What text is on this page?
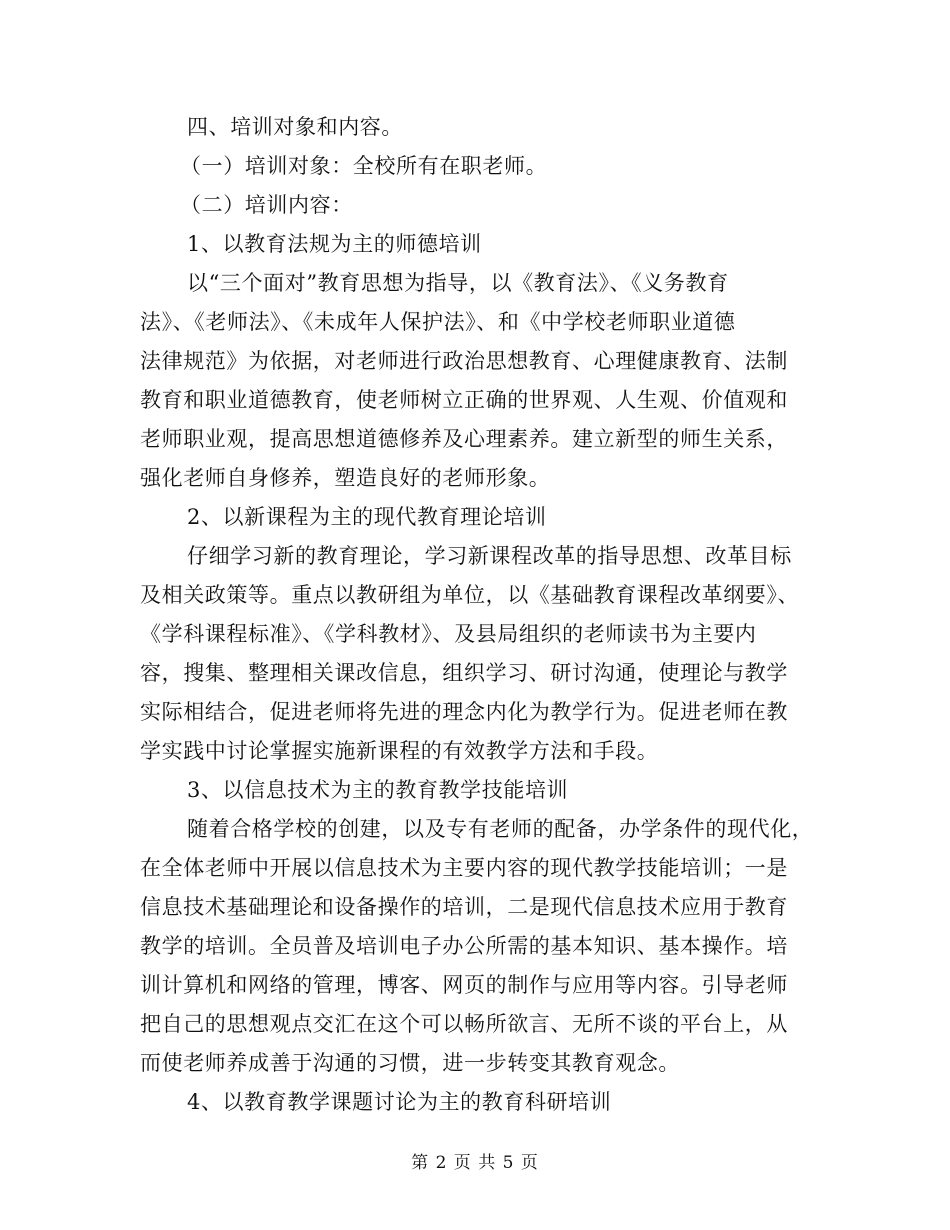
四、培训对象和内容。
（一）培训对象：全校所有在职老师。
（二）培训内容：
1、以教育法规为主的师德培训
以“三个面对”教育思想为指导，以《教育法》、《义务教育
法》、《老师法》、《未成年人保护法》、和《中学校老师职业道德
法律规范》为依据，对老师进行政治思想教育、心理健康教育、法制
教育和职业道德教育，使老师树立正确的世界观、人生观、价值观和
老师职业观，提高思想道德修养及心理素养。建立新型的师生关系，
强化老师自身修养，塑造良好的老师形象。
2、以新课程为主的现代教育理论培训
仔细学习新的教育理论，学习新课程改革的指导思想、改革目标
及相关政策等。重点以教研组为单位，以《基础教育课程改革纲要》、
《学科课程标准》、《学科教材》、及县局组织的老师读书为主要内
容，搜集、整理相关课改信息，组织学习、研讨沟通，使理论与教学
实际相结合，促进老师将先进的理念内化为教学行为。促进老师在教
学实践中讨论掌握实施新课程的有效教学方法和手段。
3、以信息技术为主的教育教学技能培训
随着合格学校的创建，以及专有老师的配备，办学条件的现代化，
在全体老师中开展以信息技术为主要内容的现代教学技能培训；一是
信息技术基础理论和设备操作的培训，二是现代信息技术应用于教育
教学的培训。全员普及培训电子办公所需的基本知识、基本操作。培
训计算机和网络的管理，博客、网页的制作与应用等内容。引导老师
把自己的思想观点交汇在这个可以畅所欲言、无所不谈的平台上，从
而使老师养成善于沟通的习惯，进一步转变其教育观念。
4、以教育教学课题讨论为主的教育科研培训
第 2 页 共 5 页
